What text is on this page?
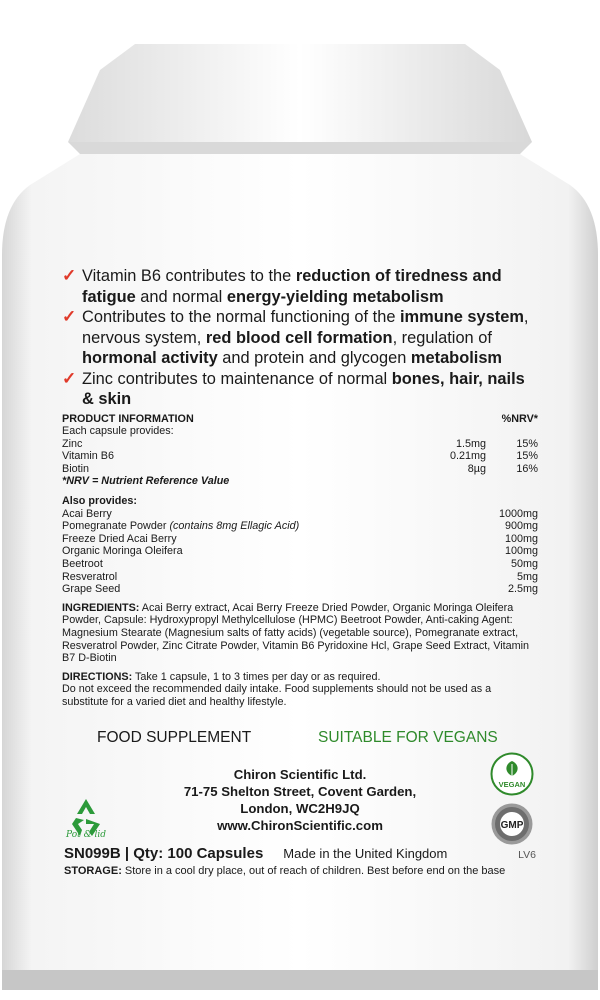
✓ Vitamin B6 contributes to the reduction of tiredness and fatigue and normal energy-yielding metabolism
✓ Contributes to the normal functioning of the immune system, nervous system, red blood cell formation, regulation of hormonal activity and protein and glycogen metabolism
✓ Zinc contributes to maintenance of normal bones, hair, nails & skin
PRODUCT INFORMATION	%NRV*
Each capsule provides:
Zinc	1.5mg	15%
Vitamin B6	0.21mg	15%
Biotin	8µg	16%
*NRV = Nutrient Reference Value
Also provides:
Acai Berry	1000mg
Pomegranate Powder (contains 8mg Ellagic Acid)	900mg
Freeze Dried Acai Berry	100mg
Organic Moringa Oleifera	100mg
Beetroot	50mg
Resveratrol	5mg
Grape Seed	2.5mg
INGREDIENTS: Acai Berry extract, Acai Berry Freeze Dried Powder, Organic Moringa Oleifera Powder, Capsule: Hydroxypropyl Methylcellulose (HPMC) Beetroot Powder, Anti-caking Agent: Magnesium Stearate (Magnesium salts of fatty acids) (vegetable source), Pomegranate extract, Resveratrol Powder, Zinc Citrate Powder, Vitamin B6 Pyridoxine Hcl, Grape Seed Extract, Vitamin B7 D-Biotin
DIRECTIONS: Take 1 capsule, 1 to 3 times per day or as required.
Do not exceed the recommended daily intake. Food supplements should not be used as a substitute for a varied diet and healthy lifestyle.
FOOD SUPPLEMENT	SUITABLE FOR VEGANS
VEGAN
GMP
Pot & lid
Chiron Scientific Ltd.
71-75 Shelton Street, Covent Garden,
London, WC2H9JQ
www.ChironScientific.com
SN099B | Qty: 100 Capsules Made in the United Kingdom	LV6
STORAGE: Store in a cool dry place, out of reach of children. Best before end on the base
